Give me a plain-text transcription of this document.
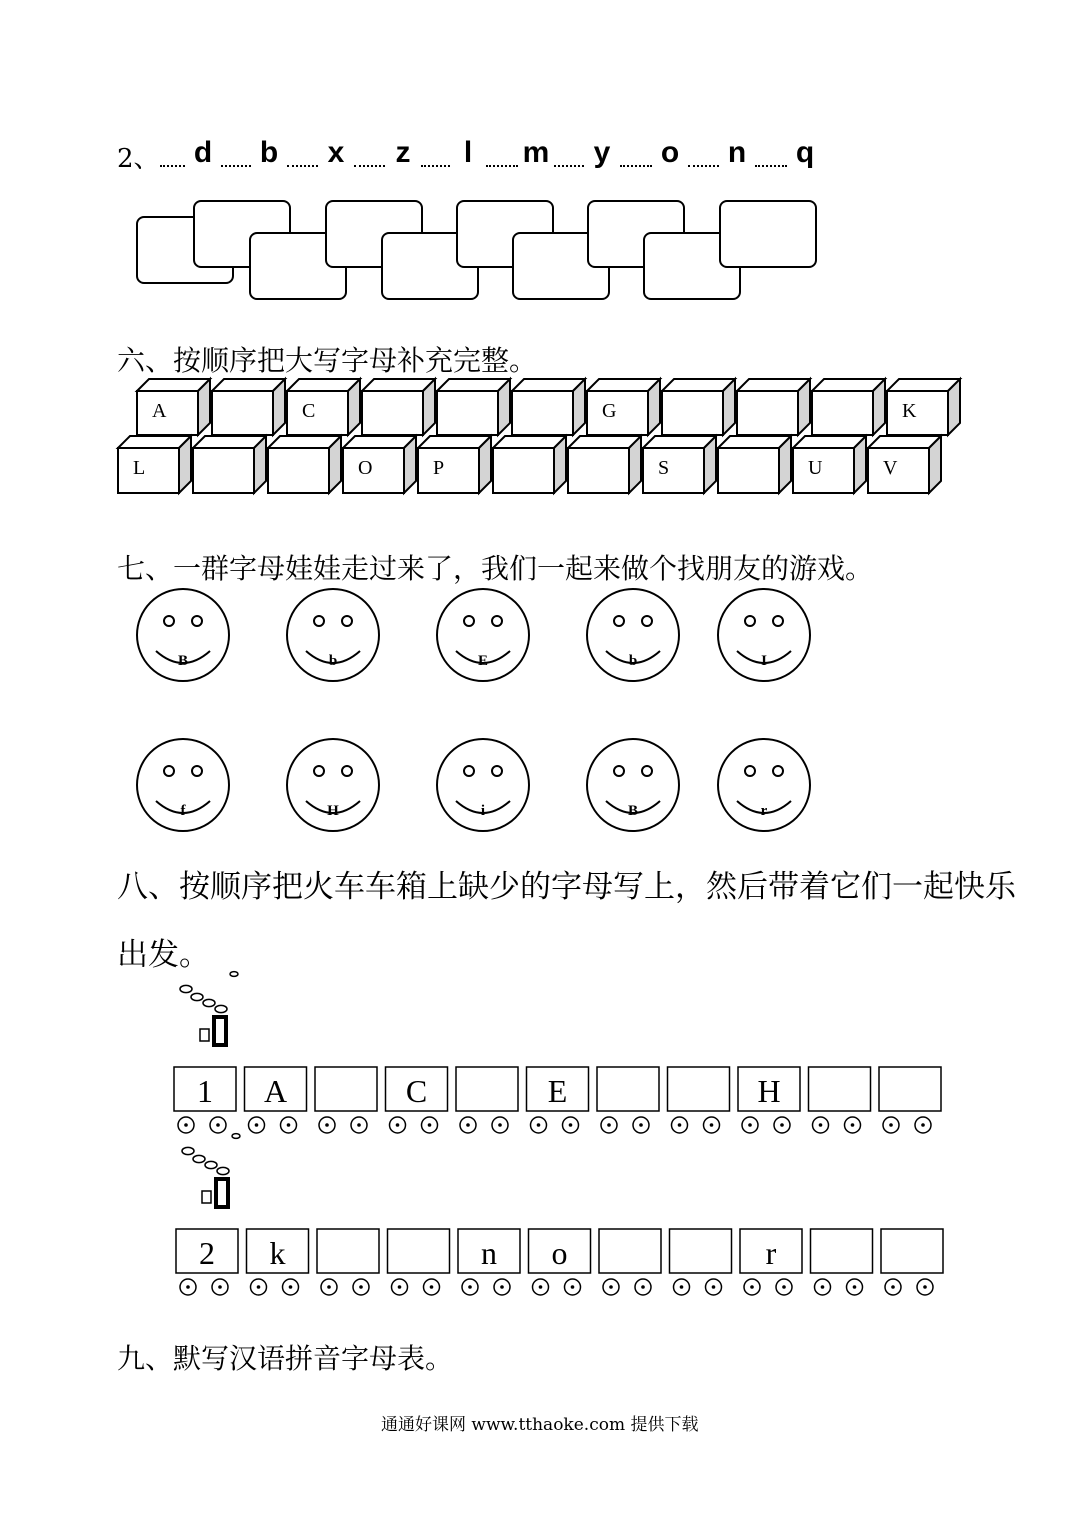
2、 d b x z	l	m y o n q
六、按顺序把大写字母补充完整。
A	C	G	K
L	O	P	S	U	V
七、一群字母娃娃走过来了，我们一起来做个找朋友的游戏。
B	b	E	b	I
f	H	i	B	r
八、按顺序把火车车箱上缺少的字母写上，然后带着它们一起快乐
出发。
1 A	C	E	H
2 k	n o	r
九、默写汉语拼音字母表。
通通好课网 www.tthaoke.com 提供下载
